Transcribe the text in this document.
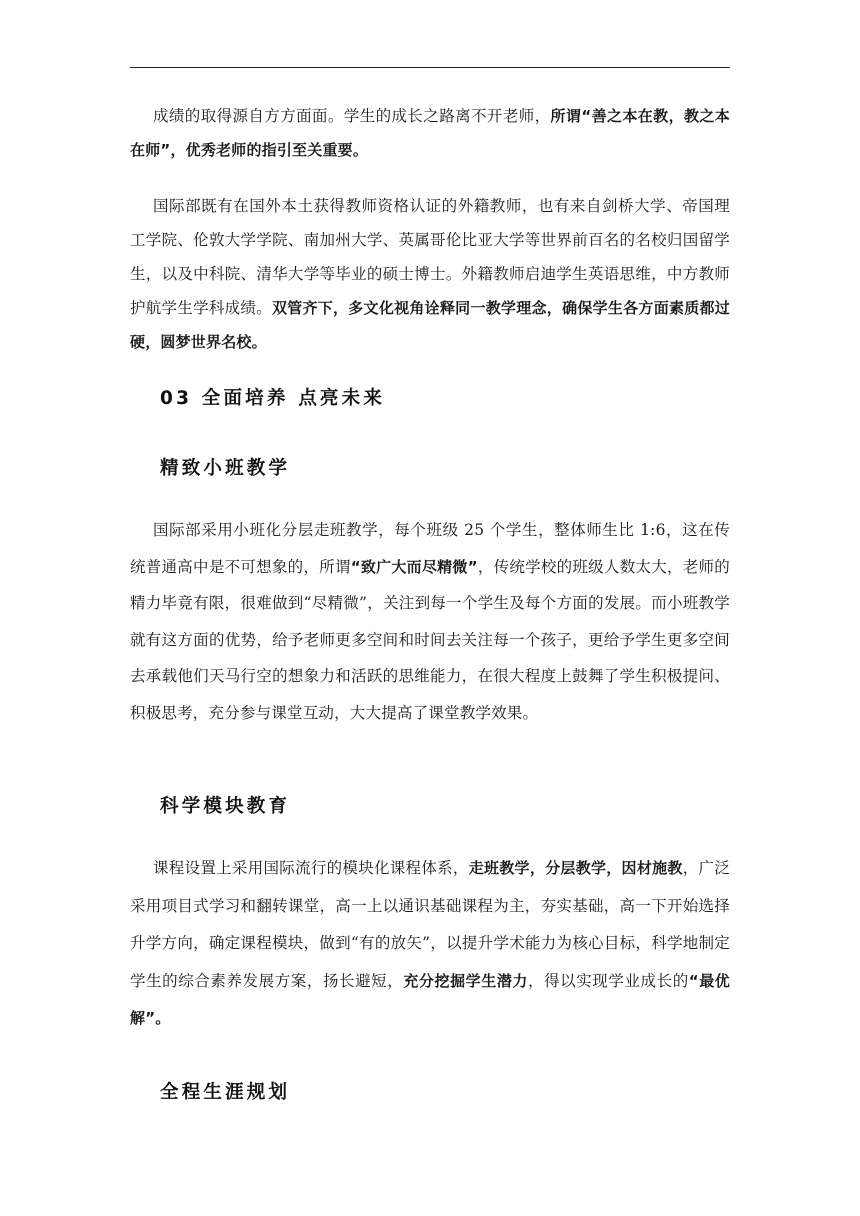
成绩的取得源自方方面面。学生的成长之路离不开老师，所谓“善之本在教，教之本在师”，优秀老师的指引至关重要。

国际部既有在国外本土获得教师资格认证的外籍教师，也有来自剑桥大学、帝国理工学院、伦敦大学学院、南加州大学、英属哥伦比亚大学等世界前百名的名校归国留学生，以及中科院、清华大学等毕业的硕士博士。外籍教师启迪学生英语思维，中方教师护航学生学科成绩。双管齐下，多文化视角诠释同一教学理念，确保学生各方面素质都过硬，圆梦世界名校。

03 全面培养 点亮未来
精致小班教学

国际部采用小班化分层走班教学，每个班级 25 个学生，整体师生比 1:6，这在传统普通高中是不可想象的，所谓“致广大而尽精微”，传统学校的班级人数太大，老师的精力毕竟有限，很难做到“尽精微”，关注到每一个学生及每个方面的发展。而小班教学就有这方面的优势，给予老师更多空间和时间去关注每一个孩子，更给予学生更多空间去承载他们天马行空的想象力和活跃的思维能力，在很大程度上鼓舞了学生积极提问、积极思考，充分参与课堂互动，大大提高了课堂教学效果。

科学模块教育

课程设置上采用国际流行的模块化课程体系，走班教学，分层教学，因材施教，广泛采用项目式学习和翻转课堂，高一上以通识基础课程为主，夯实基础，高一下开始选择升学方向，确定课程模块，做到“有的放矢”，以提升学术能力为核心目标，科学地制定学生的综合素养发展方案，扬长避短，充分挖掘学生潜力，得以实现学业成长的“最优解”。

全程生涯规划
